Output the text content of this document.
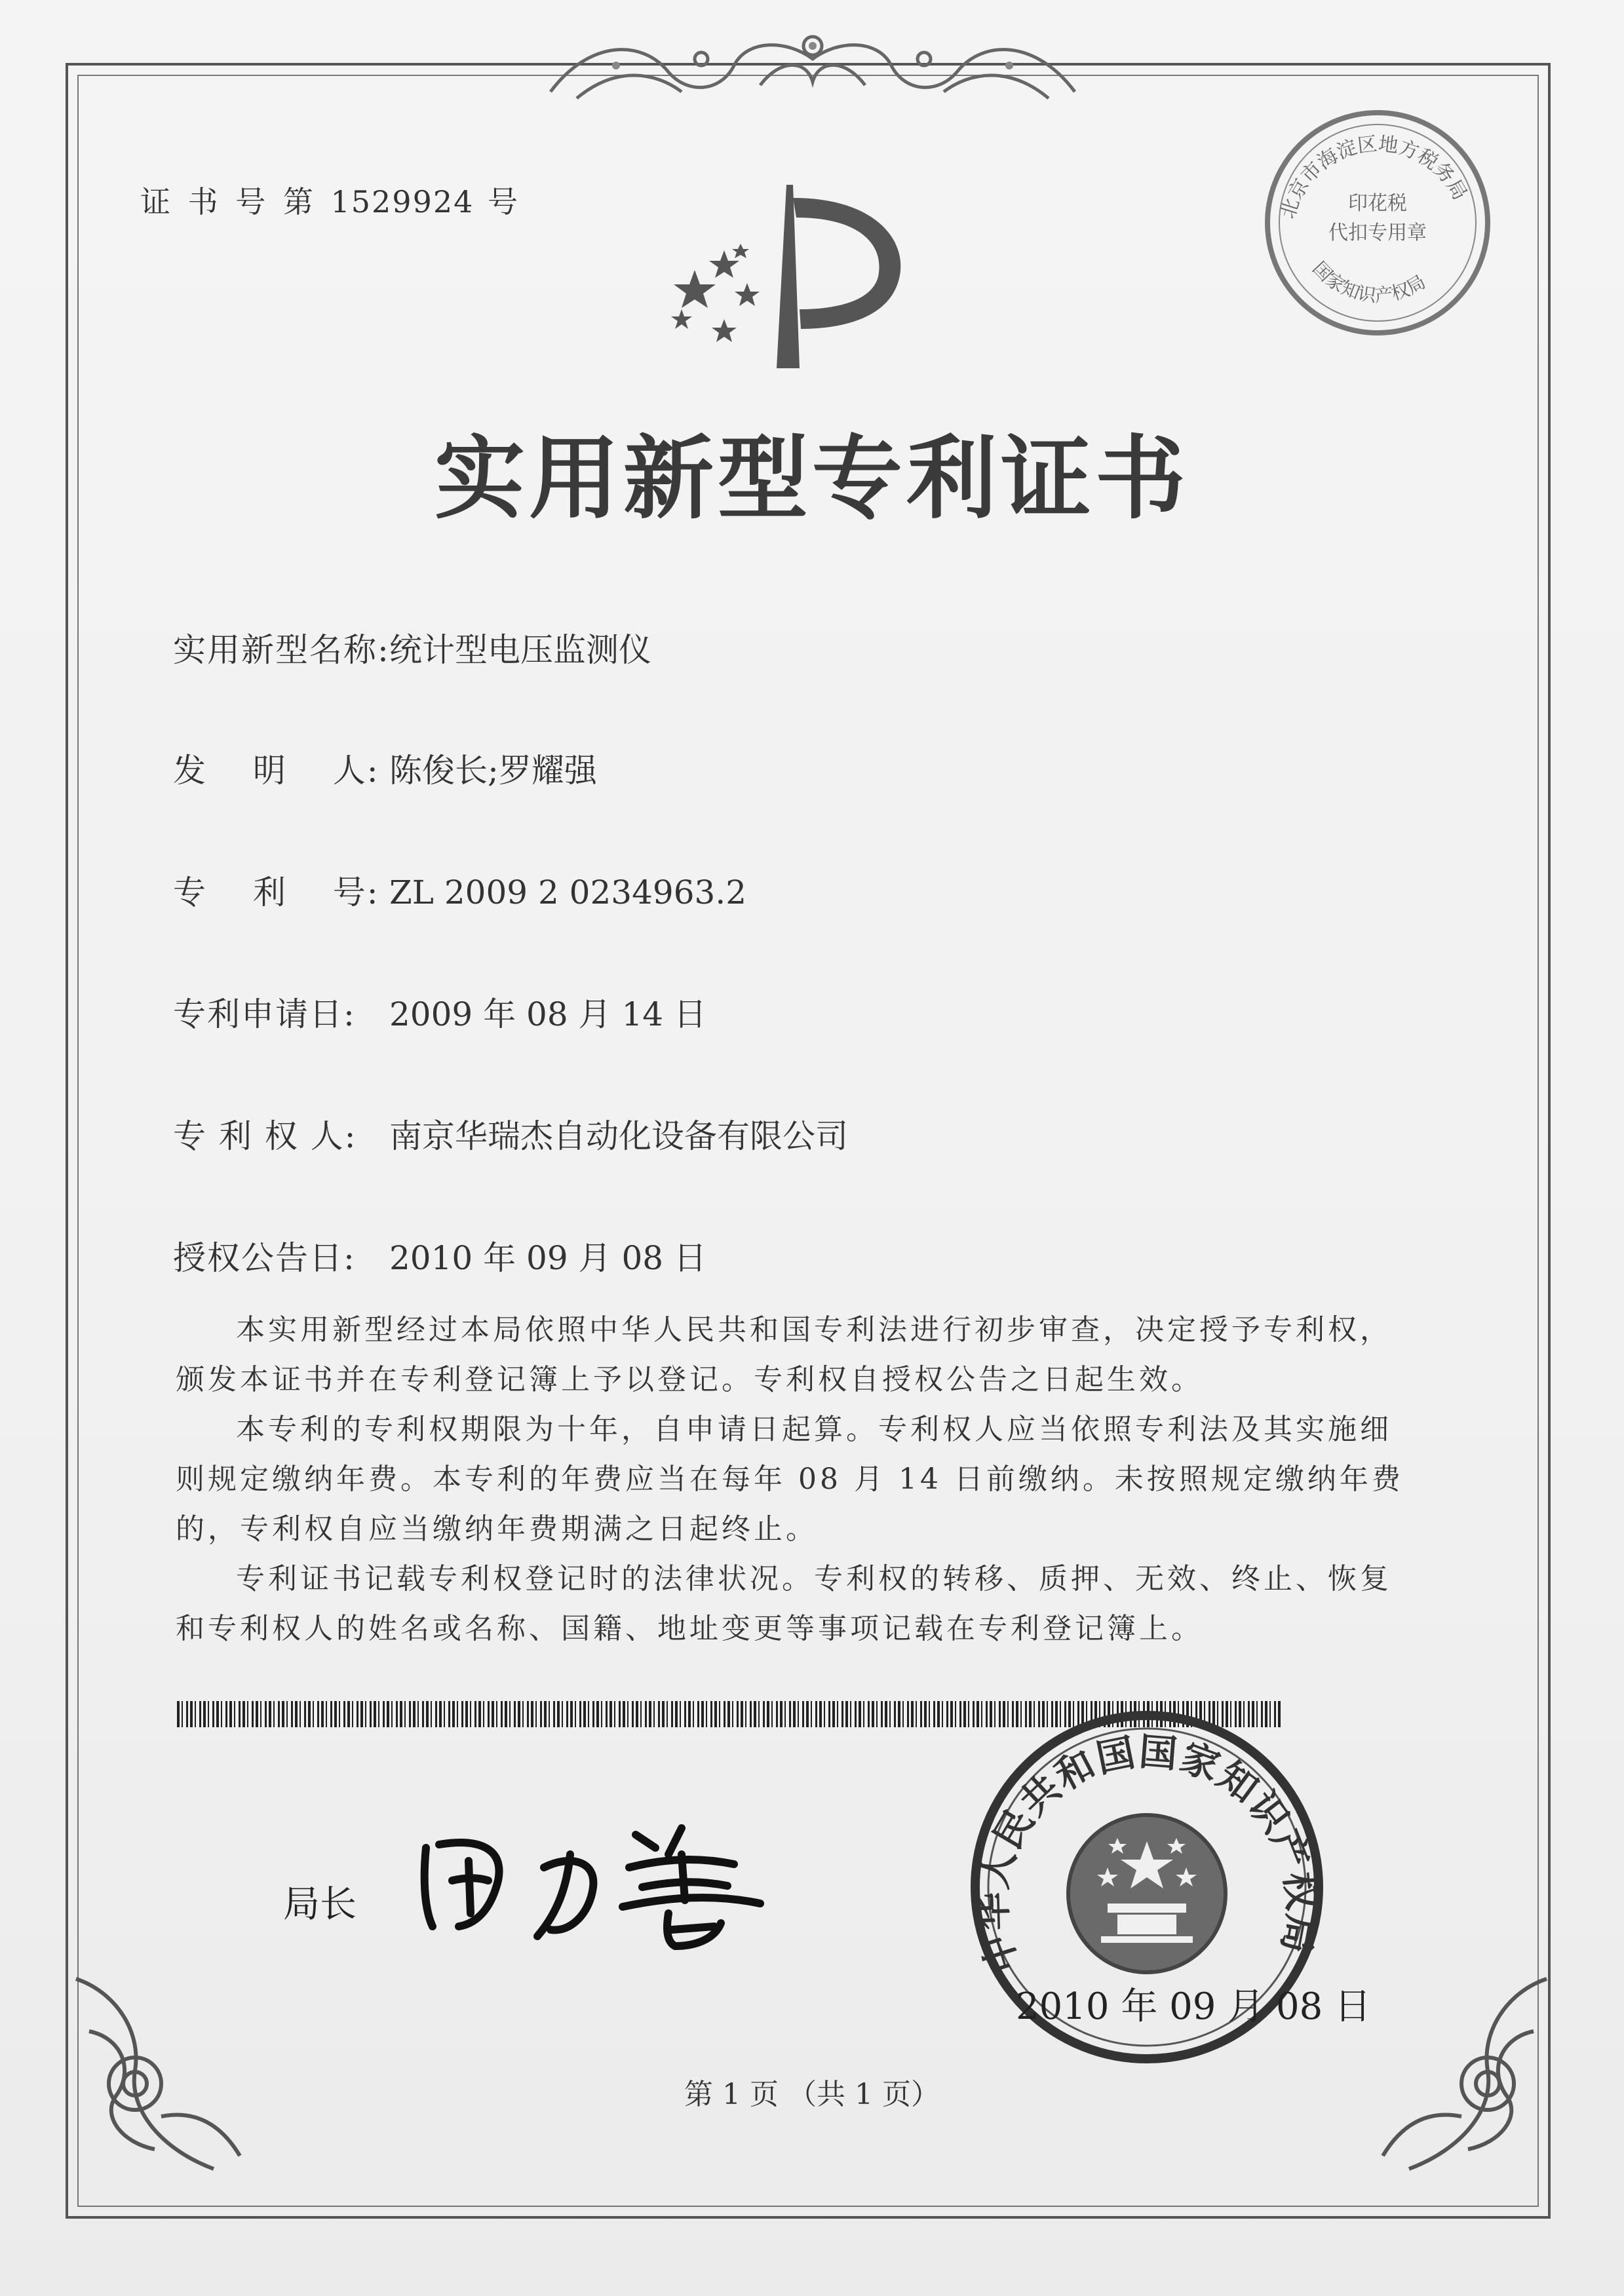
证 书 号 第 1529924 号	北京市海淀区地方税务局
国家知识产权局
印花税
代扣专用章
实用新型专利证书
实用新型名称:统计型电压监测仪
发　 明　 人: 陈俊长;罗耀强
专　 利　 号: ZL 2009 2 0234963.2
专利申请日: 2009 年 08 月 14 日
专 利 权 人: 南京华瑞杰自动化设备有限公司
授权公告日: 2010 年 09 月 08 日
本实用新型经过本局依照中华人民共和国专利法进行初步审查，决定授予专利权，颁发本证书并在专利登记簿上予以登记。专利权自授权公告之日起生效。
本专利的专利权期限为十年，自申请日起算。专利权人应当依照专利法及其实施细则规定缴纳年费。本专利的年费应当在每年 08 月 14 日前缴纳。未按照规定缴纳年费的，专利权自应当缴纳年费期满之日起终止。
专利证书记载专利权登记时的法律状况。专利权的转移、质押、无效、终止、恢复和专利权人的姓名或名称、国籍、地址变更等事项记载在专利登记簿上。
局长
中华人民共和国国家知识产权局
2010 年 09 月 08 日
第 1 页 （共 1 页）
